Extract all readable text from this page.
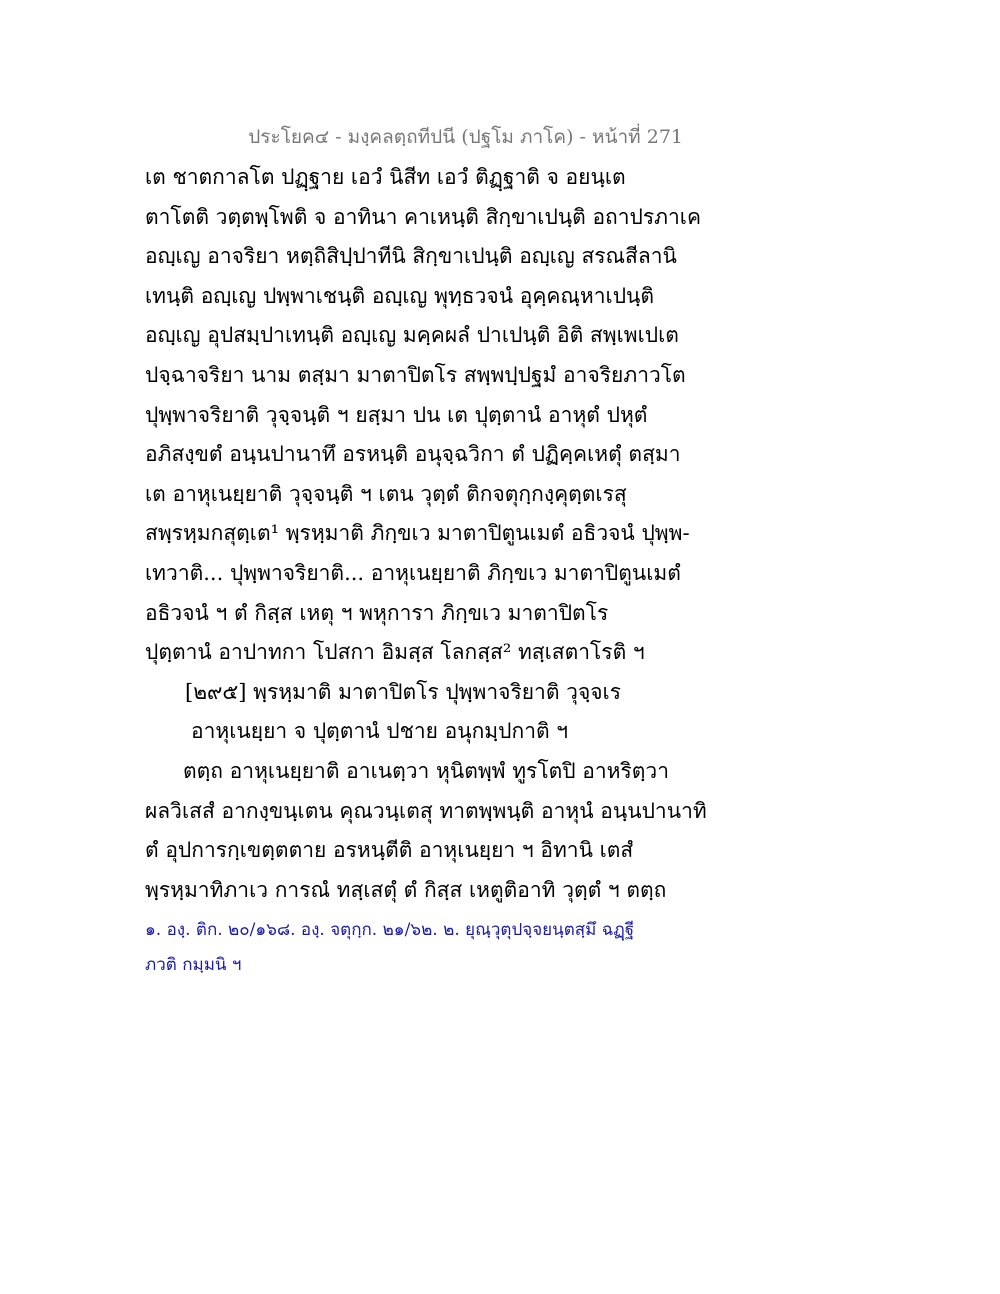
ประโยค๔ - มงฺคลตฺถทีปนี (ปฐโม ภาโค) - หน้าที่ 271
เต ชาตกาลโต ปฏฺฐาย เอวํ นิสีท เอวํ ติฏฺฐาติ จ อยนฺเต
ตาโตติ วตฺตพฺโพติ จ อาทินา คาเหนฺติ สิกฺขาเปนฺติ อถาปรภาเค
อญฺเญ อาจริยา หตฺถิสิปฺปาทีนิ สิกฺขาเปนฺติ อญฺเญ สรณสีลานิ
เทนฺติ อญฺเญ ปพฺพาเชนฺติ อญฺเญ พุทฺธวจนํ อุคฺคณฺหาเปนฺติ
อญฺเญ อุปสมฺปาเทนฺติ อญฺเญ มคฺคผลํ ปาเปนฺติ อิติ สพฺเพเปเต
ปจฺฉาจริยา นาม ตสฺมา มาตาปิตโร สพฺพปฺปฐมํ อาจริยภาวโต
ปุพฺพาจริยาติ วุจฺจนฺติ ฯ ยสฺมา ปน เต ปุตฺตานํ อาหุตํ ปหุตํ
อภิสงฺขตํ อนฺนปานาทึ อรหนฺติ อนุจฺฉวิกา ตํ ปฏิคฺคเหตุํ ตสฺมา
เต อาหุเนยฺยาติ วุจฺจนฺติ ฯ เตน วุตฺตํ ติกจตุกฺกงฺคุตฺตเรสุ
สพฺรหฺมกสุตฺเต¹ พฺรหฺมาติ ภิกฺขเว มาตาปิตูนเมตํ อธิวจนํ ปุพฺพ-
เทวาติ... ปุพฺพาจริยาติ... อาหุเนยฺยาติ ภิกฺขเว มาตาปิตูนเมตํ
อธิวจนํ ฯ ตํ กิสฺส เหตุ ฯ พหุการา ภิกฺขเว มาตาปิตโร
ปุตฺตานํ อาปาทกา โปสกา อิมสฺส โลกสฺส² ทสฺเสตาโรติ ฯ
[๒๙๕] พฺรหฺมาติ มาตาปิตโร ปุพฺพาจริยาติ วุจฺจเร
อาหุเนยฺยา จ ปุตฺตานํ ปชาย อนุกมฺปกาติ ฯ
ตตฺถ อาหุเนยฺยาติ อาเนตฺวา หุนิตพฺพํ ทูรโตปิ อาหริตฺวา
ผลวิเสสํ อากงฺขนฺเตน คุณวนฺเตสุ ทาตพฺพนฺติ อาหุนํ อนฺนปานาทิ
ตํ อุปการกฺเขตฺตตาย อรหนฺตีติ อาหุเนยฺยา ฯ อิทานิ เตสํ
พฺรหฺมาทิภาเว การณํ ทสฺเสตุํ ตํ กิสฺส เหตูติอาทิ วุตฺตํ ฯ ตตฺถ
๑. องฺ. ติก. ๒๐/๑๖๘. องฺ. จตุกฺก. ๒๑/๖๒. ๒. ยุณฺวุตุปจฺจยนฺตสฺมึ ฉฏฺฐี
ภวติ กมฺมนิ ฯ
